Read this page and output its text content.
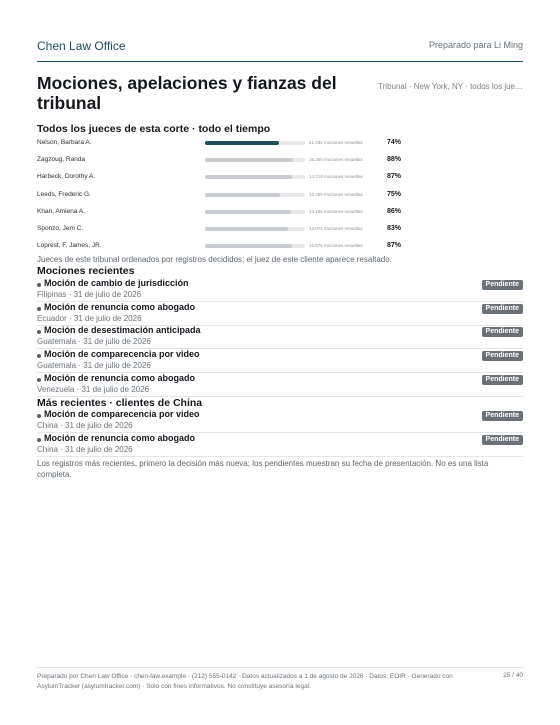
Chen Law Office	Preparado para Li Ming
Mociones, apelaciones y fianzas del tribunal
Tribunal · New York, NY · todos los jue…
Todos los jueces de esta corte · todo el tiempo
Nelson, Barbara A.	21.432 mociones resueltas	74%
Zagzoug, Randa	16.350 mociones resueltas	88%
Harbeck, Dorothy A.	14.210 mociones resueltas	87%
Leeds, Frederic G.	13.250 mociones resueltas	75%
Khan, Amiena A.	13.186 mociones resueltas	86%
Sponzo, Jem C.	13.071 mociones resueltas	83%
Loprest, F. James, JR.	12.576 mociones resueltas	87%
Jueces de este tribunal ordenados por registros decididos; el juez de este cliente aparece resaltado.
Mociones recientes
Moción de cambio de jurisdicción
Filipinas · 31 de julio de 2026
Pendiente
Moción de renuncia como abogado
Ecuador · 31 de julio de 2026
Pendiente
Moción de desestimación anticipada
Guatemala · 31 de julio de 2026
Pendiente
Moción de comparecencia por video
Guatemala · 31 de julio de 2026
Pendiente
Moción de renuncia como abogado
Venezuela · 31 de julio de 2026
Pendiente
Más recientes · clientes de China
Moción de comparecencia por video
China · 31 de julio de 2026
Pendiente
Moción de renuncia como abogado
China · 31 de julio de 2026
Pendiente
Los registros más recientes, primero la decisión más nueva; los pendientes muestran su fecha de presentación. No es una lista completa.
Preparado por Chen Law Office · chen-law.example · (212) 555-0142 · Datos actualizados a 1 de agosto de 2026 · Datos: EOIR · Generado con AsylumTracker (asylumtracker.com) · Solo con fines informativos. No constituye asesoría legal.
25 / 40
